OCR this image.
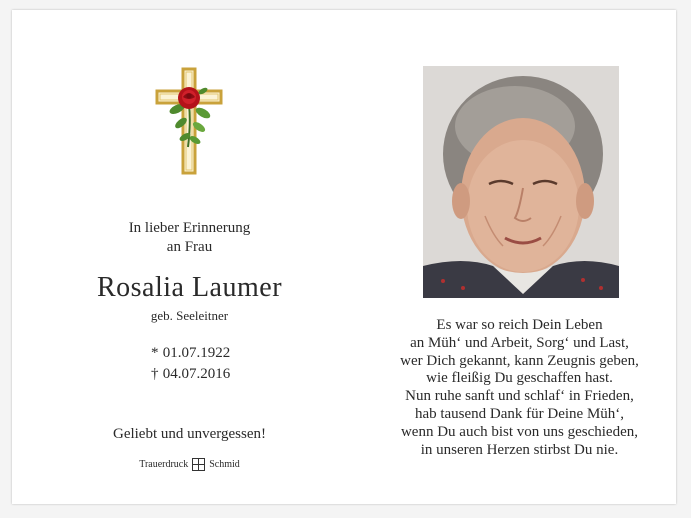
In lieber Erinnerung
an Frau
Rosalia Laumer
geb. Seeleitner
* 01.07.1922
† 04.07.2016
Geliebt und unvergessen!
Trauerdruck Schmid
Es war so reich Dein Leben
an Müh‘ und Arbeit, Sorg‘ und Last,
wer Dich gekannt, kann Zeugnis geben,
wie fleißig Du geschaffen hast.
Nun ruhe sanft und schlaf‘ in Frieden,
hab tausend Dank für Deine Müh‘,
wenn Du auch bist von uns geschieden,
in unseren Herzen stirbst Du nie.
